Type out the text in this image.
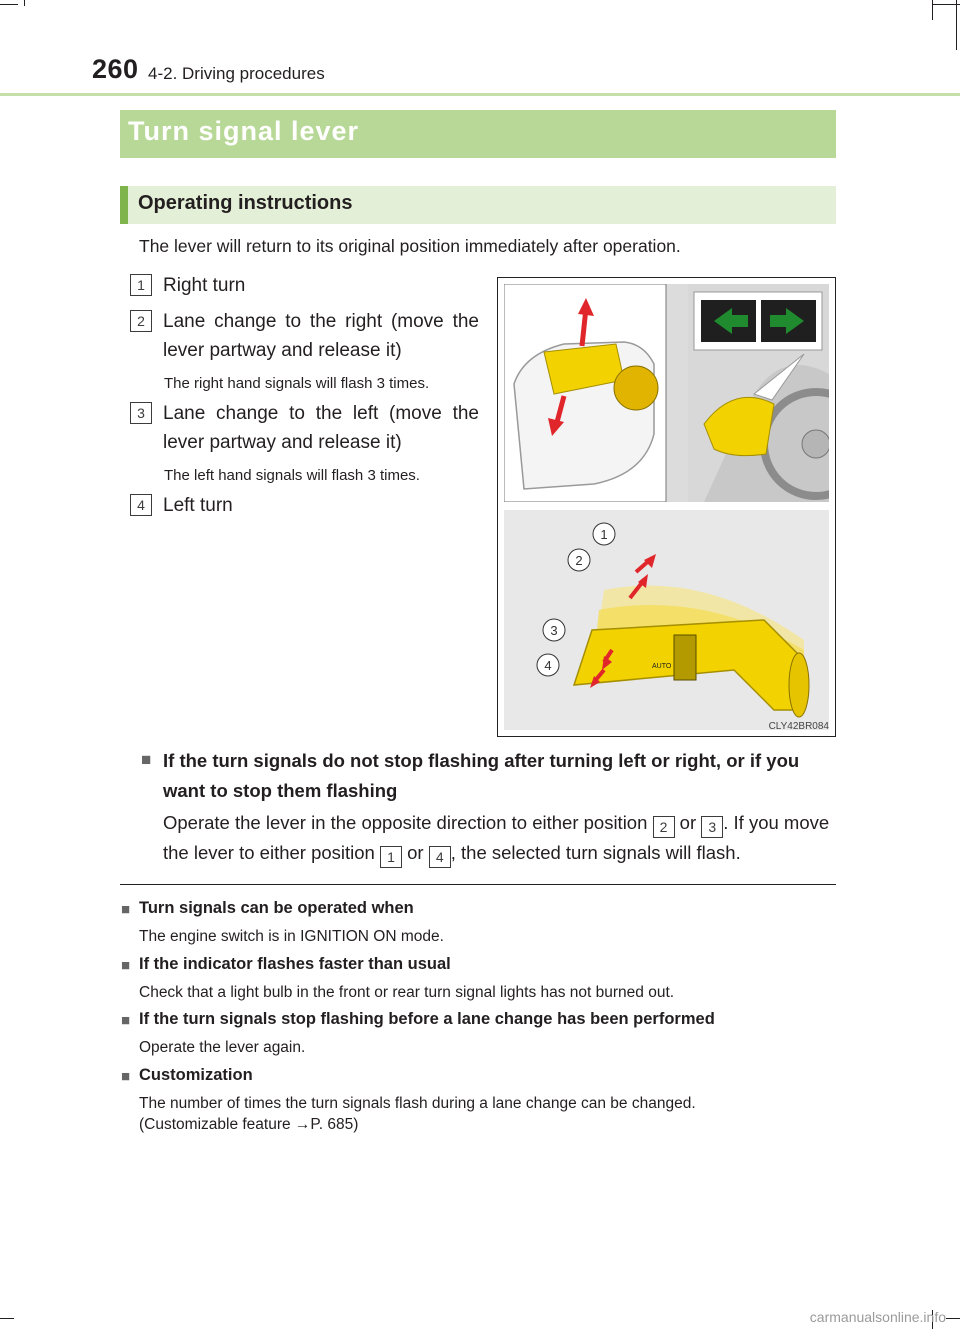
260 4-2. Driving procedures
Turn signal lever
Operating instructions
The lever will return to its original position immediately after operation.
1 Right turn
2 Lane change to the right (move the lever partway and release it)
The right hand signals will flash 3 times.
3 Lane change to the left (move the lever partway and release it)
The left hand signals will flash 3 times.
4 Left turn
AUTO
1
2
3
4
CLY42BR084
■ If the turn signals do not stop flashing after turning left or right, or if you want to stop them flashing
Operate the lever in the opposite direction to either position 2 or 3 . If you move the lever to either position 1 or 4 , the selected turn signals will flash.
■ Turn signals can be operated when
The engine switch is in IGNITION ON mode.
■ If the indicator flashes faster than usual
Check that a light bulb in the front or rear turn signal lights has not burned out.
■ If the turn signals stop flashing before a lane change has been performed
Operate the lever again.
■ Customization
The number of times the turn signals flash during a lane change can be changed.
(Customizable feature →P. 685)
carmanualsonline.info
